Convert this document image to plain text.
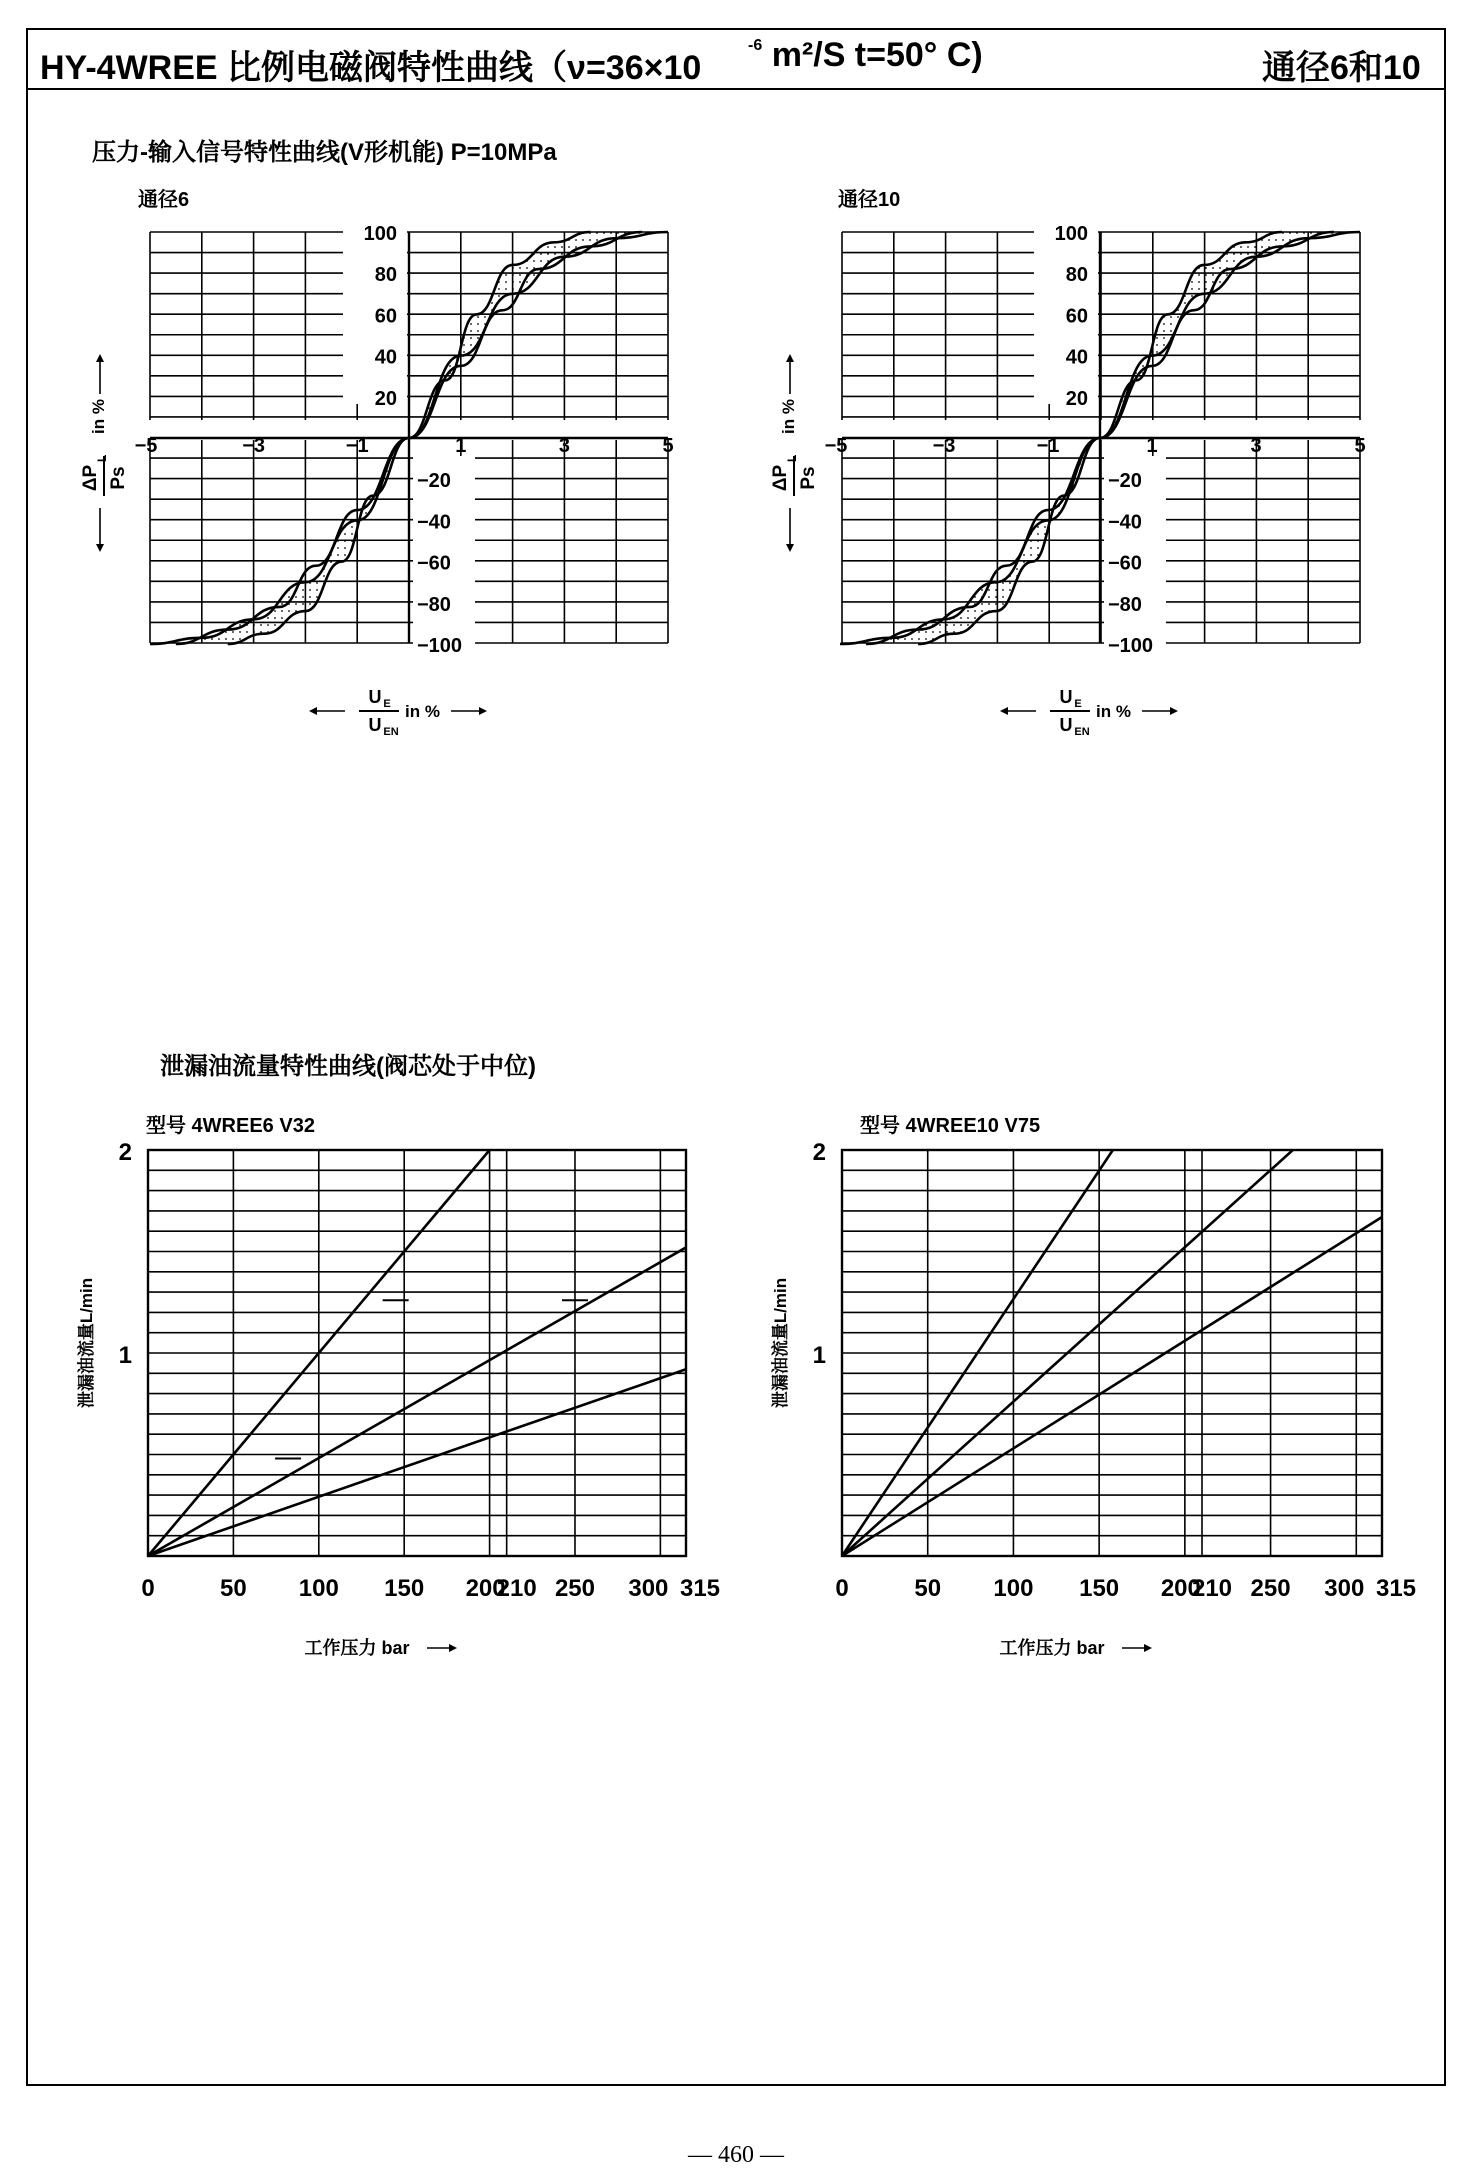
HY-4WREE 比例电磁阀特性曲线（ν=36×10
$^{-6}$ m²/S t=50° C)	通径6和10
压力-输入信号特性曲线(V形机能) P=10MPa
泄漏油流量特性曲线(阀芯处于中位)
−5	−3	−1	1	3	5
100
80
60
40
20
−20
−40
−60
−80
−100
通径6
ΔP
L
Ps
in %
U E
U EN
in %
−5	−3	−1	1	3	5
100
80
60
40
20
−20
−40
−60
−80
−100
通径10
ΔP
L
Ps
in %
U E
U EN
in %
0	50 100 150 200
210 250 300 315
1
2
型号 4WREE6 V32
泄漏油流量L/min
工作压力 bar
0	50 100 150 200
210 250 300 315
1
2
型号 4WREE10 V75
泄漏油流量L/min
工作压力 bar
— 460 —
